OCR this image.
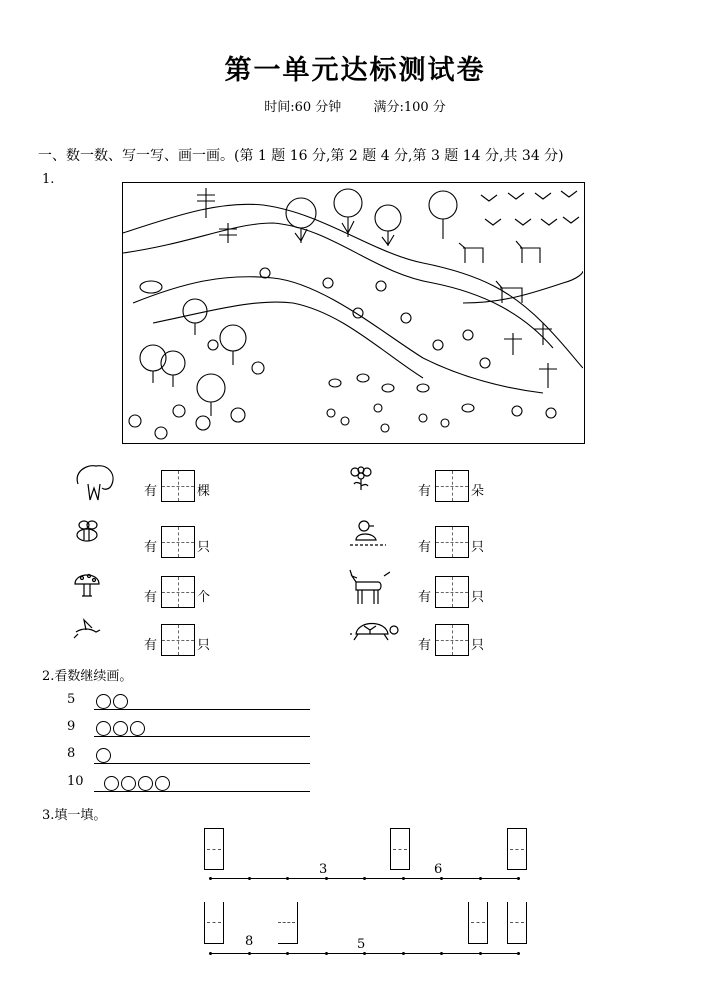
第一单元达标测试卷
时间:60 分钟 满分:100 分
一、数一数、写一写、画一画。(第 1 题 16 分,第 2 题 4 分,第 3 题 14 分,共 34 分)
1.
有	棵	有	朵
有	只	有	只
有	个	有	只
有	只	有	只
2.看数继续画。
5
9
8
10
3.填一填。
3	6
8	5
